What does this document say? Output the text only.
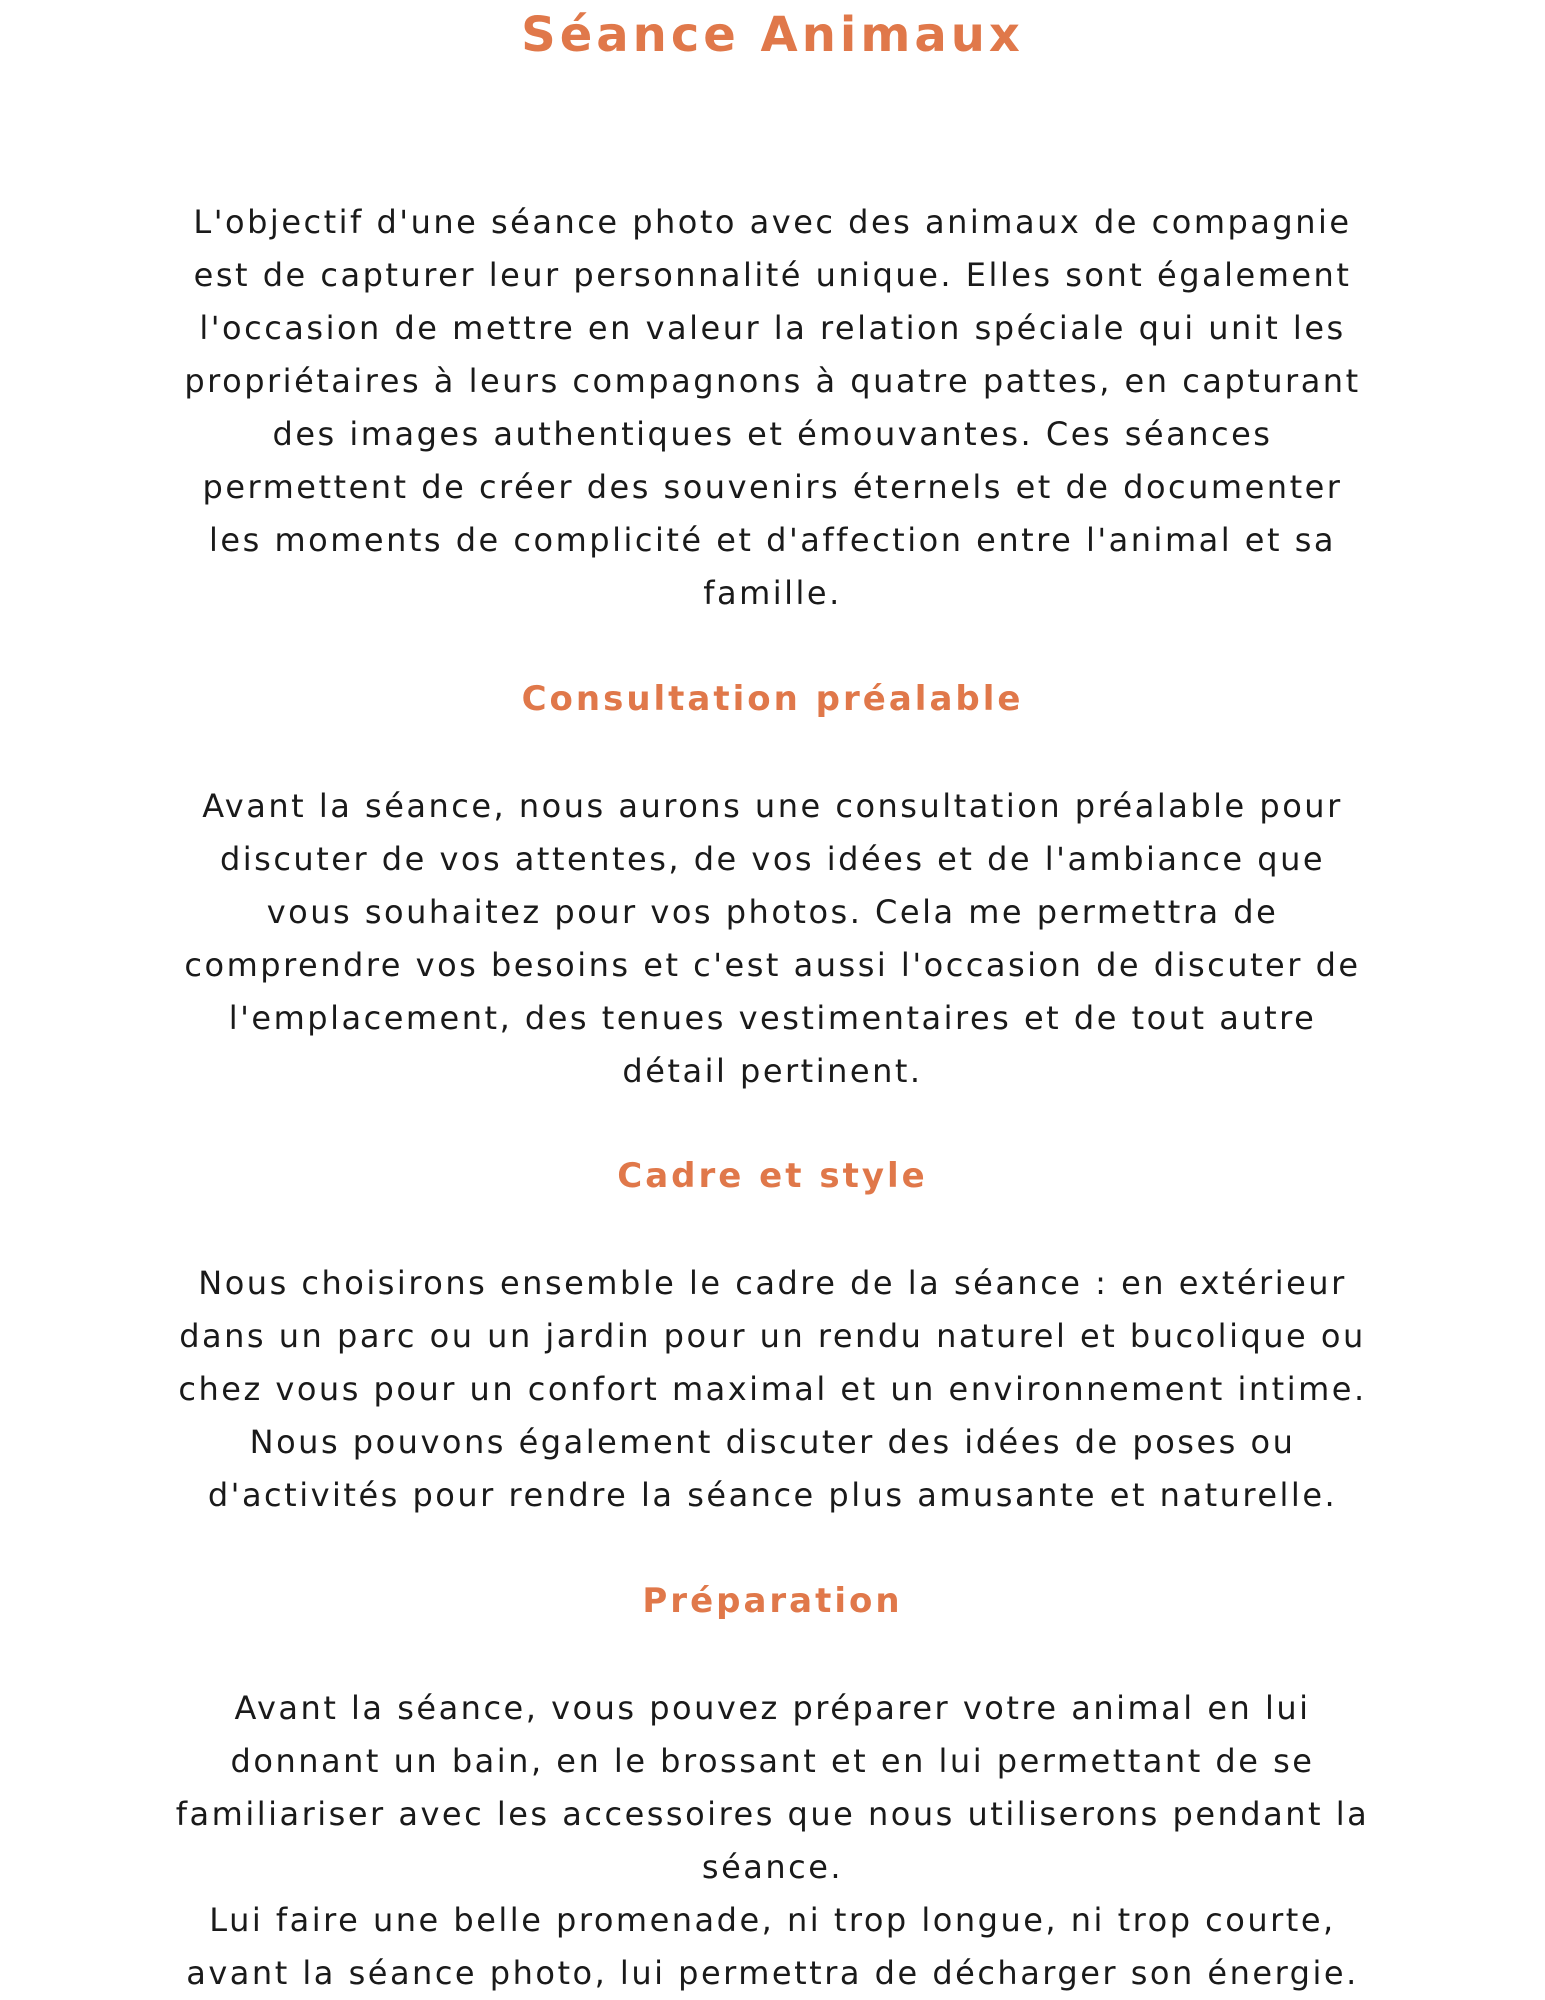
Séance Animaux

L'objectif d'une séance photo avec des animaux de compagnie
est de capturer leur personnalité unique. Elles sont également
l'occasion de mettre en valeur la relation spéciale qui unit les
propriétaires à leurs compagnons à quatre pattes, en capturant
des images authentiques et émouvantes. Ces séances
permettent de créer des souvenirs éternels et de documenter
les moments de complicité et d'affection entre l'animal et sa
famille.

Consultation préalable

Avant la séance, nous aurons une consultation préalable pour
discuter de vos attentes, de vos idées et de l'ambiance que
vous souhaitez pour vos photos. Cela me permettra de
comprendre vos besoins et c'est aussi l'occasion de discuter de
l'emplacement, des tenues vestimentaires et de tout autre
détail pertinent.

Cadre et style

Nous choisirons ensemble le cadre de la séance : en extérieur
dans un parc ou un jardin pour un rendu naturel et bucolique ou
chez vous pour un confort maximal et un environnement intime.
Nous pouvons également discuter des idées de poses ou
d'activités pour rendre la séance plus amusante et naturelle.

Préparation

Avant la séance, vous pouvez préparer votre animal en lui
donnant un bain, en le brossant et en lui permettant de se
familiariser avec les accessoires que nous utiliserons pendant la
séance.
Lui faire une belle promenade, ni trop longue, ni trop courte,
avant la séance photo, lui permettra de décharger son énergie.
